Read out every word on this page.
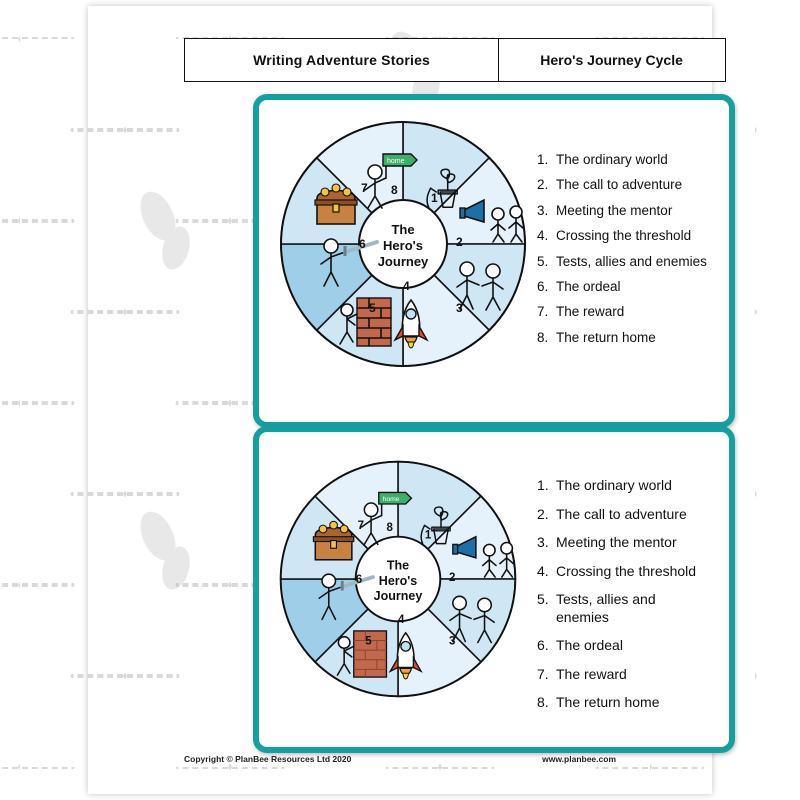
Writing Adventure Stories	Hero's Journey Cycle
1
2
3
4
5
6
7
home
8
The
Hero's
Journey
1. The ordinary world
2. The call to adventure
3. Meeting the mentor
4. Crossing the threshold
5. Tests, allies and enemies
6. The ordeal
7. The reward
8. The return home
1
2
3
4
5
6
7
home
8
The
Hero's
Journey
1. The ordinary world
2. The call to adventure
3. Meeting the mentor
4. Crossing the threshold
5. Tests, allies and enemies
6. The ordeal
7. The reward
8. The return home
Copyright © PlanBee Resources Ltd 2020	www.planbee.com
